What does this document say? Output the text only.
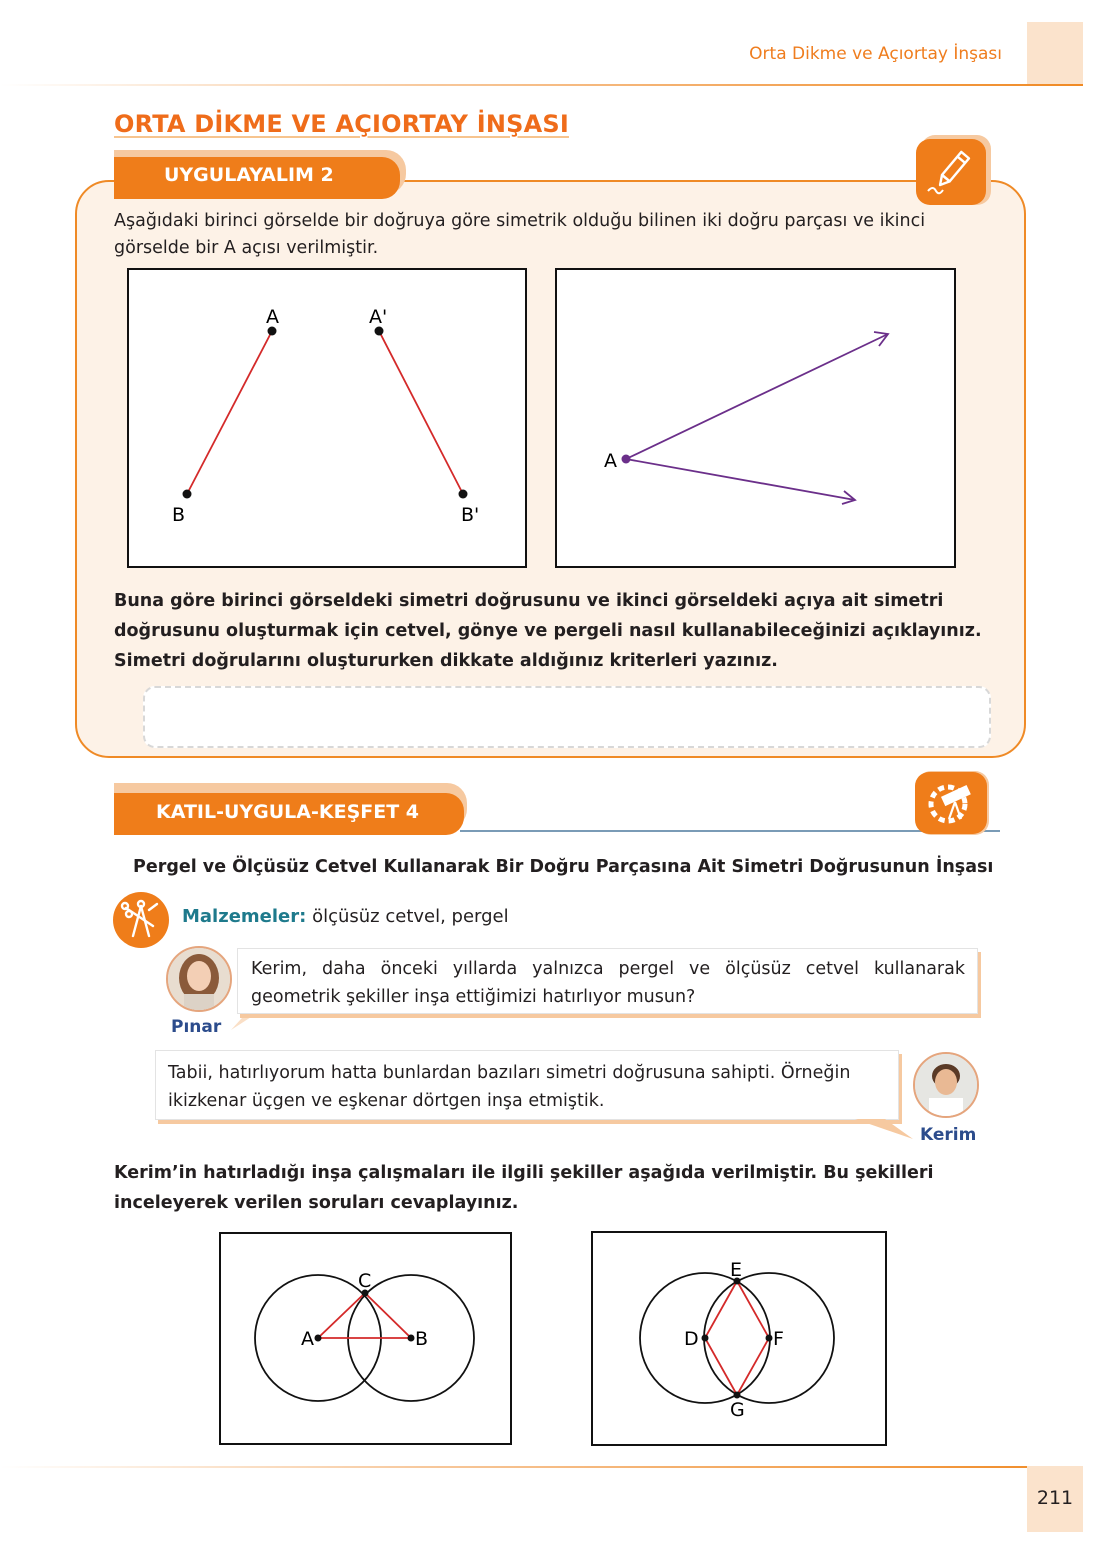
Orta Dikme ve Açıortay İnşası
ORTA DİKME VE AÇIORTAY İNŞASI
UYGULAYALIM 2
Aşağıdaki birinci görselde bir doğruya göre simetrik olduğu bilinen iki doğru parçası ve ikinci görselde bir A açısı verilmiştir.
A	A'
B	B'
A
Buna göre birinci görseldeki simetri doğrusunu ve ikinci görseldeki açıya ait simetri doğrusunu oluşturmak için cetvel, gönye ve pergeli nasıl kullanabileceğinizi açıklayınız. Simetri doğrularını oluştururken dikkate aldığınız kriterleri yazınız.
KATIL-UYGULA-KEŞFET 4
Pergel ve Ölçüsüz Cetvel Kullanarak Bir Doğru Parçasına Ait Simetri Doğrusunun İnşası
Malzemeler: ölçüsüz cetvel, pergel
Pınar
Kerim, daha önceki yıllarda yalnızca pergel ve ölçüsüz cetvel kullanarak geometrik şekiller inşa ettiğimizi hatırlıyor musun?
Tabii, hatırlıyorum hatta bunlardan bazıları simetri doğrusuna sahipti. Örneğin ikizkenar üçgen ve eşkenar dörtgen inşa etmiştik.
Kerim
Kerim’in hatırladığı inşa çalışmaları ile ilgili şekiller aşağıda verilmiştir. Bu şekilleri inceleyerek verilen soruları cevaplayınız.
C
A	B
E
D	F
G
211
